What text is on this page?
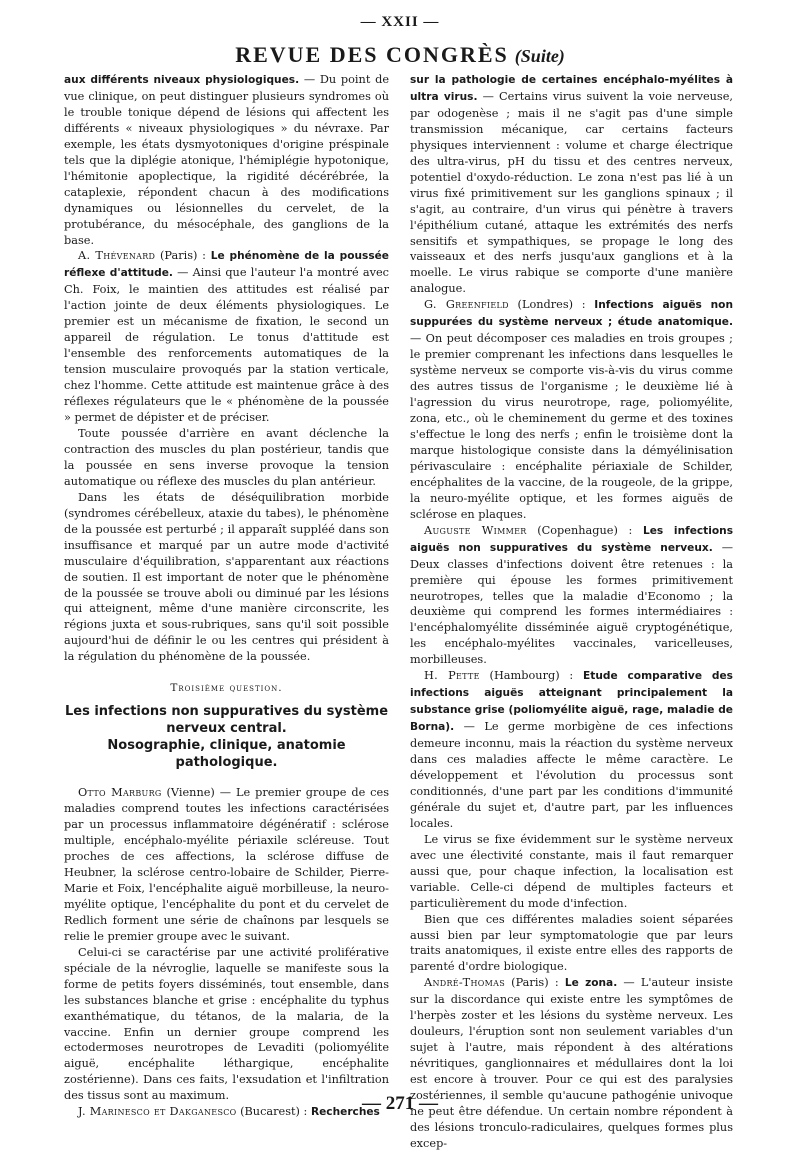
— XXII —
REVUE DES CONGRÈS (Suite)

aux différents niveaux physiologiques. — Du point de vue clinique, on peut distinguer plusieurs syndromes où le trouble tonique dépend de lésions qui affectent les différents « niveaux physiologiques » du névraxe. Par exemple, les états dysmyotoniques d'origine préspinale tels que la diplégie atonique, l'hémiplégie hypotonique, l'hémitonie apoplectique, la rigidité décérébrée, la cataplexie, répondent chacun à des modifications dynamiques ou lésionnelles du cervelet, de la protubérance, du mésocéphale, des ganglions de la base.

A. Thévenard (Paris) : Le phénomène de la poussée réflexe d'attitude. — Ainsi que l'auteur l'a montré avec Ch. Foix, le maintien des attitudes est réalisé par l'action jointe de deux éléments physiologiques. Le premier est un mécanisme de fixation, le second un appareil de régulation. Le tonus d'attitude est l'ensemble des renforcements automatiques de la tension musculaire provoqués par la station verticale, chez l'homme. Cette attitude est maintenue grâce à des réflexes régulateurs que le « phénomène de la poussée » permet de dépister et de préciser.

Toute poussée d'arrière en avant déclenche la contraction des muscles du plan postérieur, tandis que la poussée en sens inverse provoque la tension automatique ou réflexe des muscles du plan antérieur.

Dans les états de déséquilibration morbide (syndromes cérébelleux, ataxie du tabes), le phénomène de la poussée est perturbé ; il apparaît suppléé dans son insuffisance et marqué par un autre mode d'activité musculaire d'équilibration, s'apparentant aux réactions de soutien. Il est important de noter que le phénomène de la poussée se trouve aboli ou diminué par les lésions qui atteignent, même d'une manière circonscrite, les régions juxta et sous-rubriques, sans qu'il soit possible aujourd'hui de définir le ou les centres qui président à la régulation du phénomène de la poussée.

Troisième question.
Les infections non suppuratives du système nerveux central.
Nosographie, clinique, anatomie pathologique.

Otto Marburg (Vienne) — Le premier groupe de ces maladies comprend toutes les infections caractérisées par un processus inflammatoire dégénératif : sclérose multiple, encéphalo-myélite périaxile scléreuse. Tout proches de ces affections, la sclérose diffuse de Heubner, la sclérose centro-lobaire de Schilder, Pierre-Marie et Foix, l'encéphalite aiguë morbilleuse, la neuro-myélite optique, l'encéphalite du pont et du cervelet de Redlich forment une série de chaînons par lesquels se relie le premier groupe avec le suivant.

Celui-ci se caractérise par une activité proliférative spéciale de la névroglie, laquelle se manifeste sous la forme de petits foyers disséminés, tout ensemble, dans les substances blanche et grise : encéphalite du typhus exanthématique, du tétanos, de la malaria, de la vaccine. Enfin un dernier groupe comprend les ectodermoses neurotropes de Levaditi (poliomyélite aiguë, encéphalite léthargique, encéphalite zostérienne). Dans ces faits, l'exsudation et l'infiltration des tissus sont au maximum.

J. Marinesco et Dakganesco (Bucarest) : Recherches

sur la pathologie de certaines encéphalo-myélites à ultra virus. — Certains virus suivent la voie nerveuse, par odogenèse ; mais il ne s'agit pas d'une simple transmission mécanique, car certains facteurs physiques interviennent : volume et charge électrique des ultra-virus, pH du tissu et des centres nerveux, potentiel d'oxydo-réduction. Le zona n'est pas lié à un virus fixé primitivement sur les ganglions spinaux ; il s'agit, au contraire, d'un virus qui pénètre à travers l'épithélium cutané, attaque les extrémités des nerfs sensitifs et sympathiques, se propage le long des vaisseaux et des nerfs jusqu'aux ganglions et à la moelle. Le virus rabique se comporte d'une manière analogue.

G. Greenfield (Londres) : Infections aiguës non suppurées du système nerveux ; étude anatomique. — On peut décomposer ces maladies en trois groupes ; le premier comprenant les infections dans lesquelles le système nerveux se comporte vis-à-vis du virus comme des autres tissus de l'organisme ; le deuxième lié à l'agression du virus neurotrope, rage, poliomyélite, zona, etc., où le cheminement du germe et des toxines s'effectue le long des nerfs ; enfin le troisième dont la marque histologique consiste dans la démyélinisation périvasculaire : encéphalite périaxiale de Schilder, encéphalites de la vaccine, de la rougeole, de la grippe, la neuro-myélite optique, et les formes aiguës de sclérose en plaques.

Auguste Wimmer (Copenhague) : Les infections aiguës non suppuratives du système nerveux. — Deux classes d'infections doivent être retenues : la première qui épouse les formes primitivement neurotropes, telles que la maladie d'Economo ; la deuxième qui comprend les formes intermédiaires : l'encéphalomyélite disséminée aiguë cryptogénétique, les encéphalo-myélites vaccinales, varicelleuses, morbilleuses.

H. Pette (Hambourg) : Etude comparative des infections aiguës atteignant principalement la substance grise (poliomyélite aiguë, rage, maladie de Borna). — Le germe morbigène de ces infections demeure inconnu, mais la réaction du système nerveux dans ces maladies affecte le même caractère. Le développement et l'évolution du processus sont conditionnés, d'une part par les conditions d'immunité générale du sujet et, d'autre part, par les influences locales.

Le virus se fixe évidemment sur le système nerveux avec une électivité constante, mais il faut remarquer aussi que, pour chaque infection, la localisation est variable. Celle-ci dépend de multiples facteurs et particulièrement du mode d'infection.

Bien que ces différentes maladies soient séparées aussi bien par leur symptomatologie que par leurs traits anatomiques, il existe entre elles des rapports de parenté d'ordre biologique.

André-Thomas (Paris) : Le zona. — L'auteur insiste sur la discordance qui existe entre les symptômes de l'herpès zoster et les lésions du système nerveux. Les douleurs, l'éruption sont non seulement variables d'un sujet à l'autre, mais répondent à des altérations névritiques, ganglionnaires et médullaires dont la loi est encore à trouver. Pour ce qui est des paralysies zostériennes, il semble qu'aucune pathogénie univoque ne peut être défendue. Un certain nombre répondent à des lésions tronculo-radiculaires, quelques formes plus excep-

— 271 —
